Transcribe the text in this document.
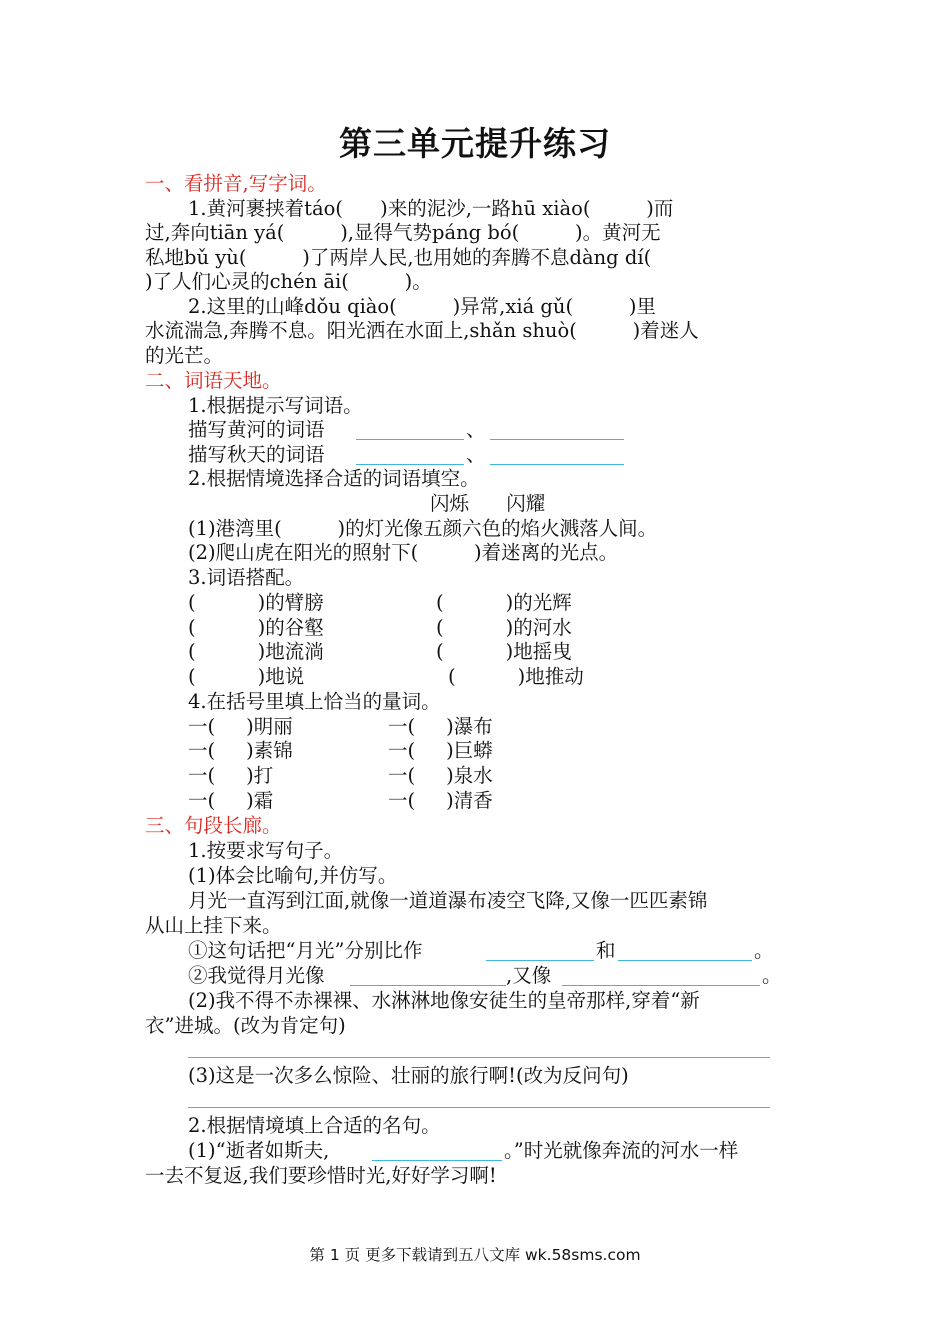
第三单元提升练习
一、看拼音,写字词。
1.黄河裹挟着táo(      )来的泥沙,一路hū xiào(         )而
过,奔向tiān yá(         ),显得气势páng bó(         )。黄河无
私地bǔ yù(         )了两岸人民,也用她的奔腾不息dàng dí(
)了人们心灵的chén āi(         )。
2.这里的山峰dǒu qiào(         )异常,xiá gǔ(         )里
水流湍急,奔腾不息。阳光洒在水面上,shǎn shuò(         )着迷人
的光芒。
二、词语天地。
1.根据提示写词语。
描写黄河的词语	、
描写秋天的词语	、
2.根据情境选择合适的词语填空。
闪烁      闪耀
(1)港湾里(         )的灯光像五颜六色的焰火溅落人间。
(2)爬山虎在阳光的照射下(         )着迷离的光点。
3.词语搭配。
(          )的臂膀	(          )的光辉
(          )的谷壑	(          )的河水
(          )地流淌	(          )地摇曳
(          )地说	(          )地推动
4.在括号里填上恰当的量词。
一(     )明丽	一(     )瀑布
一(     )素锦	一(     )巨蟒
一(     )打	一(     )泉水
一(     )霜	一(     )清香
三、句段长廊。
1.按要求写句子。
(1)体会比喻句,并仿写。
月光一直泻到江面,就像一道道瀑布凌空飞降,又像一匹匹素锦
从山上挂下来。
①这句话把“月光”分别比作	和	。
②我觉得月光像	,又像	。
(2)我不得不赤裸裸、水淋淋地像安徒生的皇帝那样,穿着“新
衣”进城。(改为肯定句)
(3)这是一次多么惊险、壮丽的旅行啊!(改为反问句)
2.根据情境填上合适的名句。
(1)“逝者如斯夫,	。”时光就像奔流的河水一样
一去不复返,我们要珍惜时光,好好学习啊!
第 1 页 更多下载请到五八文库 wk.58sms.com
